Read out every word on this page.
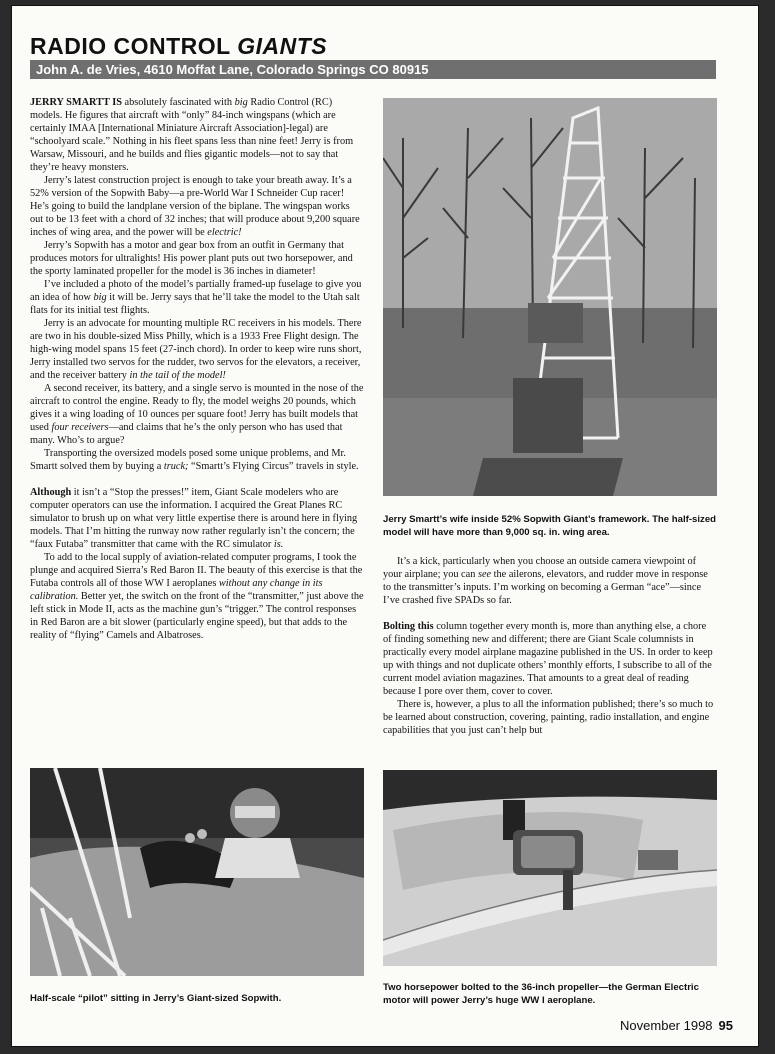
RADIO CONTROL GIANTS
John A. de Vries, 4610 Moffat Lane, Colorado Springs CO 80915

JERRY SMARTT IS absolutely fascinated with big Radio Control (RC) models. He figures that aircraft with “only” 84-inch wingspans (which are certainly IMAA [International Miniature Aircraft Association]-legal) are “schoolyard scale.” Nothing in his fleet spans less than nine feet! Jerry is from Warsaw, Missouri, and he builds and flies gigantic models—not to say that they’re heavy monsters.

Jerry’s latest construction project is enough to take your breath away. It’s a 52% version of the Sopwith Baby—a pre-World War I Schneider Cup racer! He’s going to build the landplane version of the biplane. The wingspan works out to be 13 feet with a chord of 32 inches; that will produce about 9,200 square inches of wing area, and the power will be electric!

Jerry’s Sopwith has a motor and gear box from an outfit in Germany that produces motors for ultralights! His power plant puts out two horsepower, and the sporty laminated propeller for the model is 36 inches in diameter!

I’ve included a photo of the model’s partially framed-up fuselage to give you an idea of how big it will be. Jerry says that he’ll take the model to the Utah salt flats for its initial test flights.

Jerry is an advocate for mounting multiple RC receivers in his models. There are two in his double-sized Miss Philly, which is a 1933 Free Flight design. The high-wing model spans 15 feet (27-inch chord). In order to keep wire runs short, Jerry installed two servos for the rudder, two servos for the elevators, a receiver, and the receiver battery in the tail of the model!

A second receiver, its battery, and a single servo is mounted in the nose of the aircraft to control the engine. Ready to fly, the model weighs 20 pounds, which gives it a wing loading of 10 ounces per square foot! Jerry has built models that used four receivers—and claims that he’s the only person who has used that many. Who’s to argue?

Transporting the oversized models posed some unique problems, and Mr. Smartt solved them by buying a truck; “Smartt’s Flying Circus” travels in style.

Although it isn’t a “Stop the presses!” item, Giant Scale modelers who are computer operators can use the information. I acquired the Great Planes RC simulator to brush up on what very little expertise there is around here in flying models. That I’m hitting the runway now rather regularly isn’t the concern; the “faux Futaba” transmitter that came with the RC simulator is.

To add to the local supply of aviation-related computer programs, I took the plunge and acquired Sierra’s Red Baron II. The beauty of this exercise is that the Futaba controls all of those WW I aeroplanes without any change in its calibration. Better yet, the switch on the front of the “transmitter,” just above the left stick in Mode II, acts as the machine gun’s “trigger.” The control responses in Red Baron are a bit slower (particularly engine speed), but that adds to the reality of “flying” Camels and Albatroses.

Jerry Smartt’s wife inside 52% Sopwith Giant’s framework. The half-sized model will have more than 9,000 sq. in. wing area.

It’s a kick, particularly when you choose an outside camera viewpoint of your airplane; you can see the ailerons, elevators, and rudder move in response to the transmitter’s inputs. I’m working on becoming a German “ace”—since I’ve crashed five SPADs so far.

Bolting this column together every month is, more than anything else, a chore of finding something new and different; there are Giant Scale columnists in practically every model airplane magazine published in the US. In order to keep up with things and not duplicate others’ monthly efforts, I subscribe to all of the current model aviation magazines. That amounts to a great deal of reading because I pore over them, cover to cover.

There is, however, a plus to all the information published; there’s so much to be learned about construction, covering, painting, radio installation, and engine capabilities that you just can’t help but

Half-scale “pilot” sitting in Jerry’s Giant-sized Sopwith.
Two horsepower bolted to the 36-inch propeller—the German Electric motor will power Jerry’s huge WW I aeroplane.
November 1998 95
